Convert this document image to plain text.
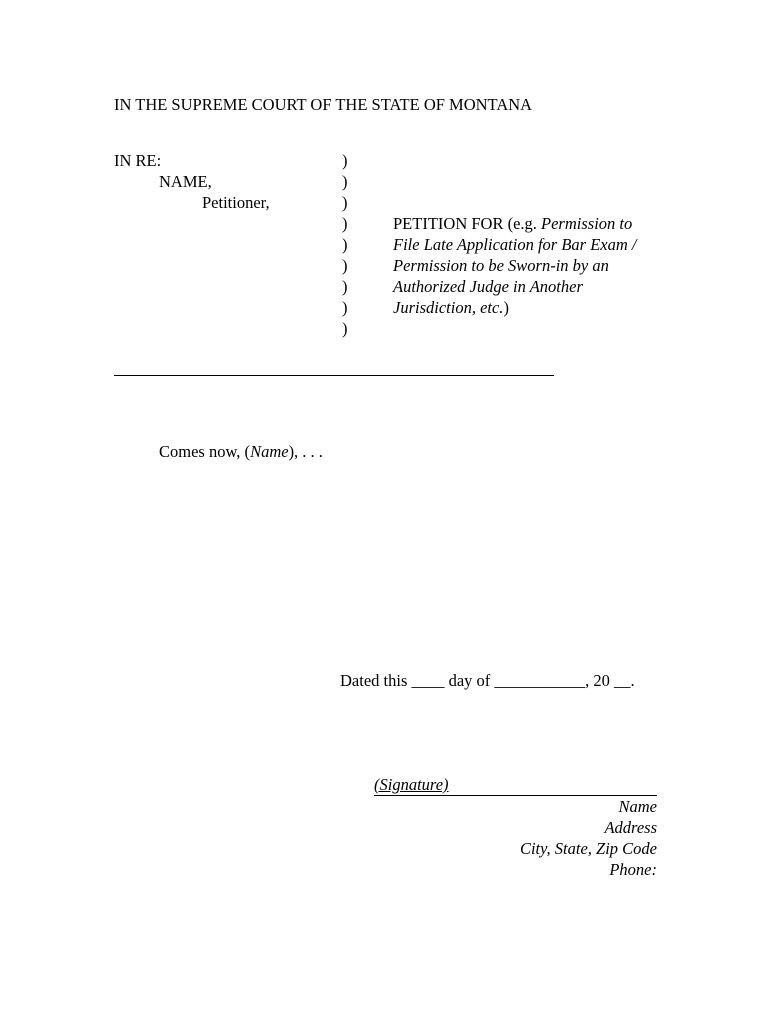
IN THE SUPREME COURT OF THE STATE OF MONTANA
IN RE:
NAME,
Petitioner,
)
)
)
)
)
)
)
)
)
PETITION FOR (e.g. Permission to
File Late Application for Bar Exam /
Permission to be Sworn-in by an
Authorized Judge in Another
Jurisdiction, etc.)
Comes now, (Name), . . .
Dated this ____ day of ___________, 20 __.
(Signature)
Name
Address
City, State, Zip Code
Phone:
